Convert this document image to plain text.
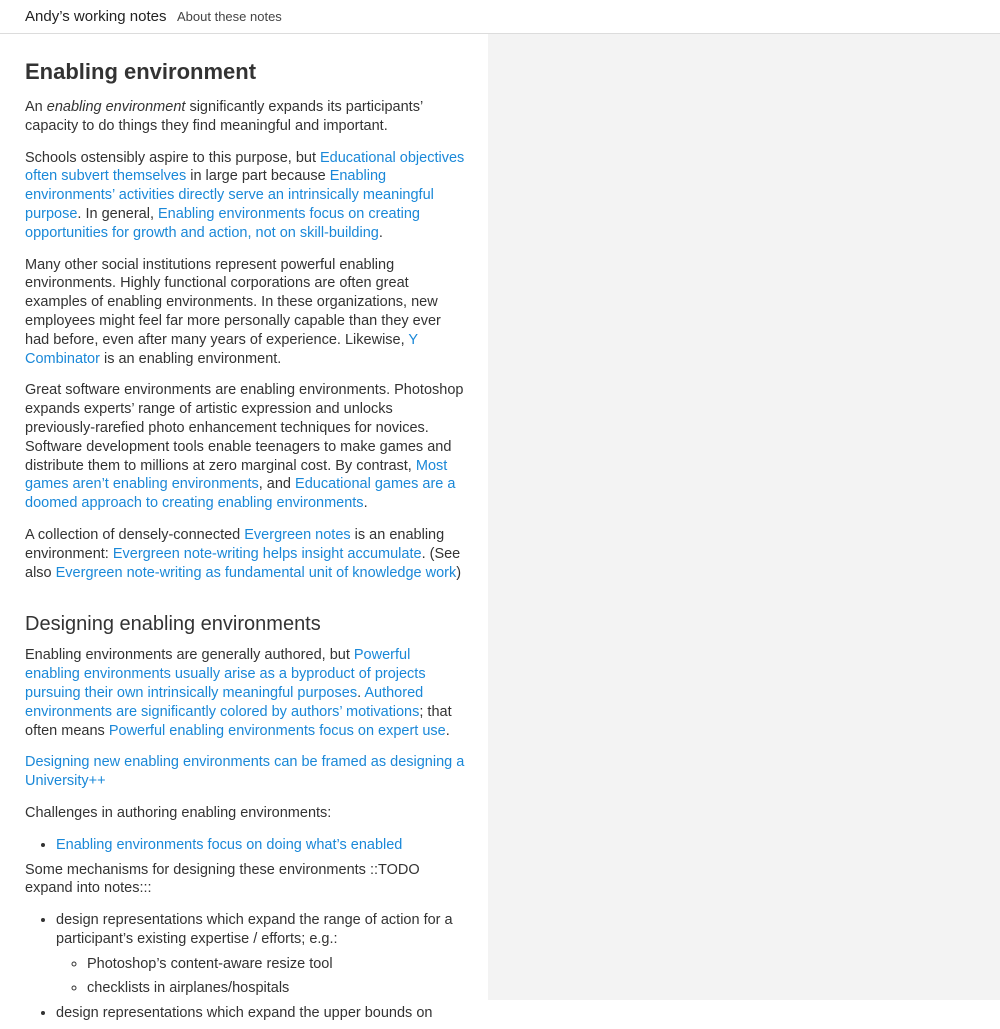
Andy’s working notes About these notes
Enabling environment

An enabling environment significantly expands its participants’ capacity to do things they find meaningful and important.

Schools ostensibly aspire to this purpose, but Educational objectives often subvert themselves in large part because Enabling environments’ activities directly serve an intrinsically meaningful purpose. In general, Enabling environments focus on creating opportunities for growth and action, not on skill-building.

Many other social institutions represent powerful enabling environments. Highly functional corporations are often great examples of enabling environments. In these organizations, new employees might feel far more personally capable than they ever had before, even after many years of experience. Likewise, Y Combinator is an enabling environment.

Great software environments are enabling environments. Photoshop expands experts’ range of artistic expression and unlocks previously-rarefied photo enhancement techniques for novices. Software development tools enable teenagers to make games and distribute them to millions at zero marginal cost. By contrast, Most games aren’t enabling environments, and Educational games are a doomed approach to creating enabling environments.

A collection of densely-connected Evergreen notes is an enabling environment: Evergreen note-writing helps insight accumulate. (See also Evergreen note-writing as fundamental unit of knowledge work)

Designing enabling environments

Enabling environments are generally authored, but Powerful enabling environments usually arise as a byproduct of projects pursuing their own intrinsically meaningful purposes. Authored environments are significantly colored by authors’ motivations; that often means Powerful enabling environments focus on expert use.

Designing new enabling environments can be framed as designing a University++

Challenges in authoring enabling environments:

• Enabling environments focus on doing what’s enabled

Some mechanisms for designing these environments ::TODO expand into notes:::

• design representations which expand the range of action for a participant’s existing expertise / efforts; e.g.:
◦ Photoshop’s content-aware resize tool
◦ checklists in airplanes/hospitals
• design representations which expand the upper bounds on
